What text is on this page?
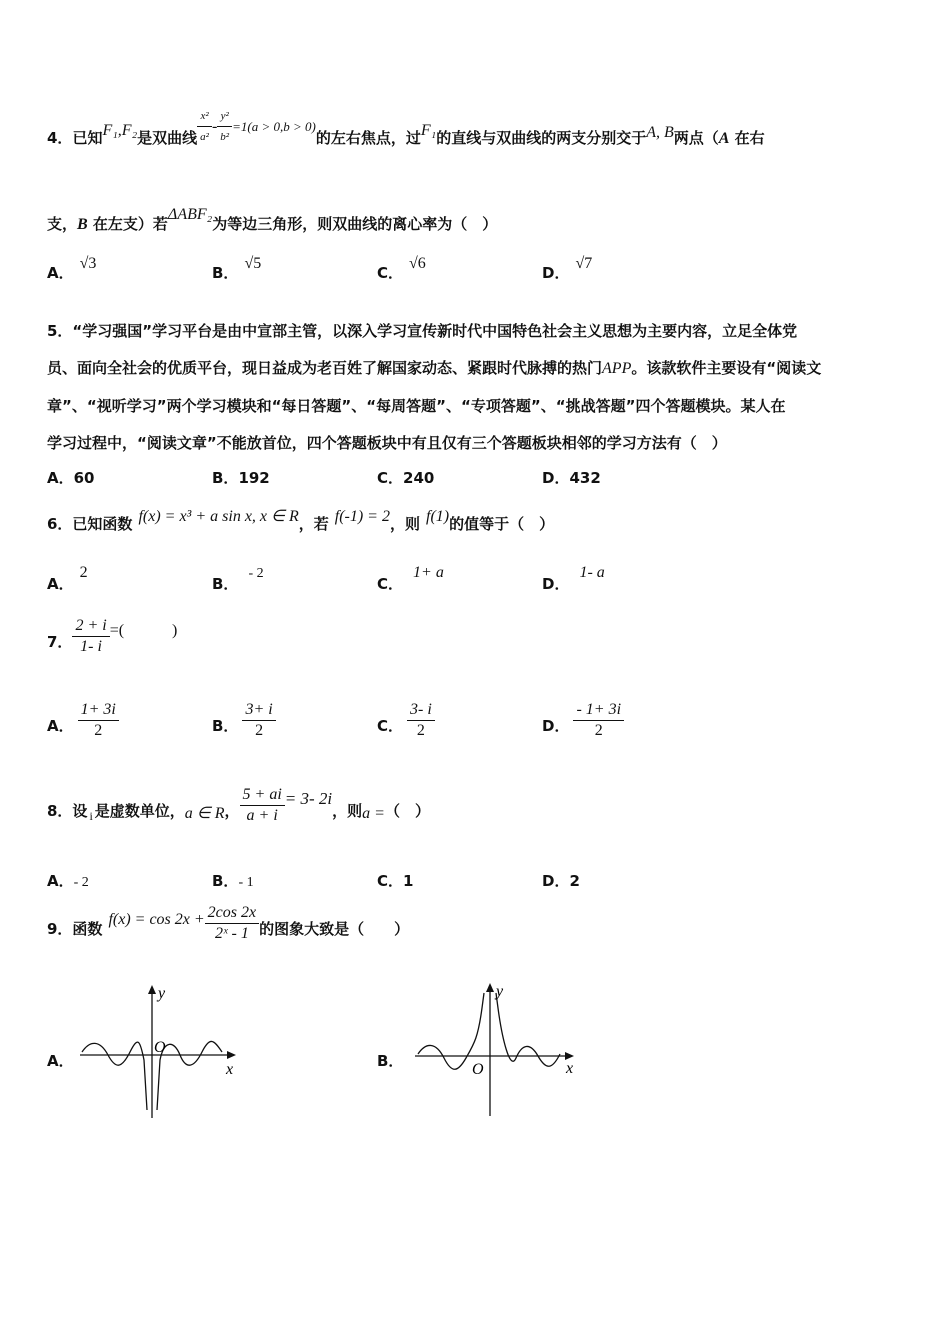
4．已知F₁,F₂是双曲线 $\frac{\text{x²}}{\text{a²}} - \frac{\text{y²}}{\text{b²}} =1(a > 0,b > 0)$的左右焦点，过F₁的直线与双曲线的两支分别交于A, B两点（A 在右
支，B 在左支）若ΔABF₂为等边三角形，则双曲线的离心率为（　）
A．√3
B．√5
C．√6
D．√7
5．“学习强国”学习平台是由中宣部主管，以深入学习宣传新时代中国特色社会主义思想为主要内容，立足全体党
员、面向全社会的优质平台，现日益成为老百姓了解国家动态、紧跟时代脉搏的热门APP。该款软件主要设有“阅读文
章”、“视听学习”两个学习模块和“每日答题”、“每周答题”、“专项答题”、“挑战答题”四个答题模块。某人在
学习过程中，“阅读文章”不能放首位，四个答题板块中有且仅有三个答题板块相邻的学习方法有（　）
A．60	B．192	C．240	D．432
6．已知函数 f(x) = x³ + a sin x, x ∈ R，若 f(-1) = 2，则 f(1)的值等于（　）
A．2
B．- 2
C．1+ a
D．1- a
7． $\frac{2 + i}{1- i}$ =(　　　)
A． $\frac{1+ 3i}{2}$	B． $\frac{3+ i}{2}$	C． $\frac{3- i}{2}$	D． $\frac{- 1+ 3i}{2}$
8．设 $_i$ 是虚数单位，a ∈ R， $\frac{5 + ai}{a + i} = 3-$ 2i，则a =（　）
A．- 2	B．- 1	C．1	D．2
9．函数$f(x) = \cos 2x + \frac{2\cos 2x}{\text{2ˣ - 1}}$ 的图象大致是（　　）
A．
y
O
x	B．
y
O	x
